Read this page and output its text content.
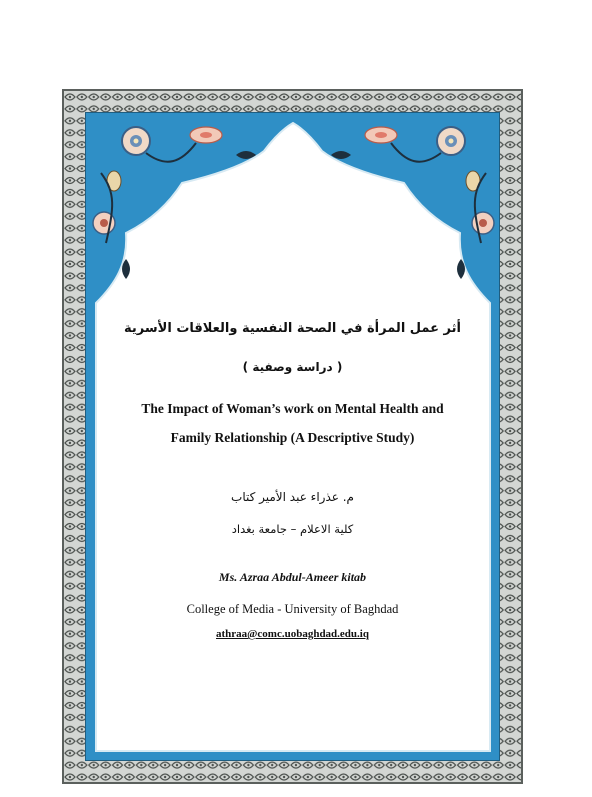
أثر عمل المرأة في الصحة النفسية والعلاقات الأسرية
( دراسة وصفية )
The Impact of Woman’s work on Mental Health and
Family Relationship (A Descriptive Study)
م. عذراء عبد الأمير كتاب
كلية الاعلام – جامعة بغداد
Ms. Azraa Abdul-Ameer kitab
College of Media - University of Baghdad
athraa@comc.uobaghdad.edu.iq
